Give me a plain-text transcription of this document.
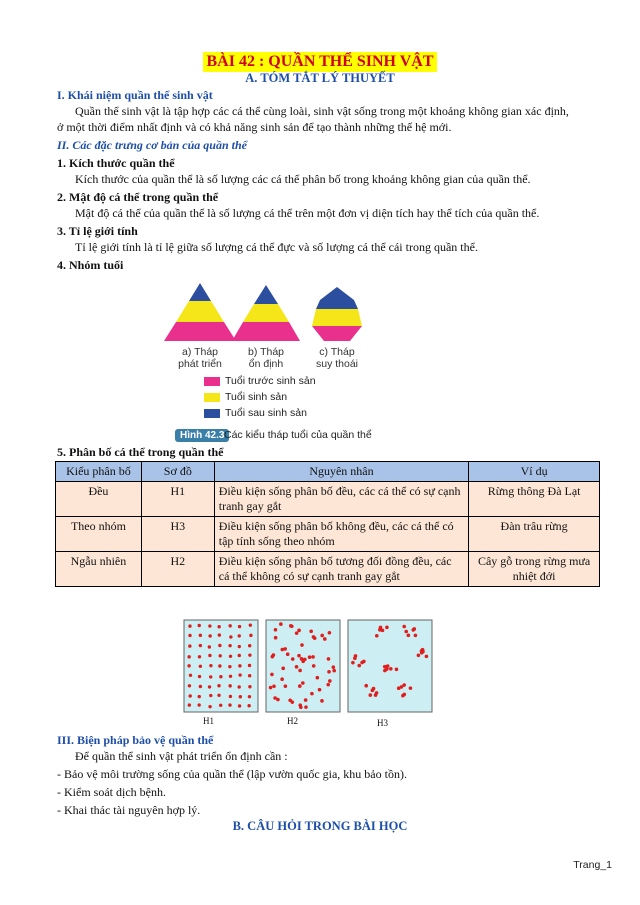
BÀI 42 : QUẦN THỂ SINH VẬT
A. TÓM TẮT LÝ THUYẾT
I. Khái niệm quần thể sinh vật
Quần thể sinh vật là tập hợp các cá thể cùng loài, sinh vật sống trong một khoảng không gian xác định,
ở một thời điểm nhất định và có khả năng sinh sản để tạo thành những thế hệ mới.
II. Các đặc trưng cơ bản của quần thể
1. Kích thước quần thể
Kích thước của quần thể là số lượng các cá thể phân bố trong khoảng không gian của quần thể.
2. Mật độ cá thể trong quần thể
Mật độ cá thể của quần thể là số lượng cá thể trên một đơn vị diện tích hay thể tích của quần thể.
3. Tỉ lệ giới tính
Tỉ lệ giới tính là tỉ lệ giữa số lượng cá thể đực và số lượng cá thể cái trong quần thể.
4. Nhóm tuổi
a) Tháp
phát triển
b) Tháp
ổn định
c) Tháp
suy thoái
Tuổi trước sinh sản
Tuổi sinh sản
Tuổi sau sinh sản
Hình 42.3 Các kiểu tháp tuổi của quần thể
5. Phân bố cá thể trong quần thể
Kiểu phân bố	Sơ đồ	Nguyên nhân	Ví dụ
Đều	H1	Điều kiện sống phân bố đều, các cá thể có sự cạnh tranh gay gắt	Rừng thông Đà Lạt
Theo nhóm	H3	Điều kiện sống phân bố không đều, các cá thể có tập tính sống theo nhóm	Đàn trâu rừng
Ngẫu nhiên	H2	Điều kiện sống phân bố tương đối đồng đều, các cá thể không có sự cạnh tranh gay gắt	Cây gỗ trong rừng mưa nhiệt đới
H1	H2	H3
III. Biện pháp bảo vệ quần thể
Để quần thể sinh vật phát triển ổn định cần :
- Bảo vệ môi trường sống của quần thể (lập vườn quốc gia, khu bảo tồn).
- Kiểm soát dịch bệnh.
- Khai thác tài nguyên hợp lý.
B. CÂU HỎI TRONG BÀI HỌC
Trang_1
